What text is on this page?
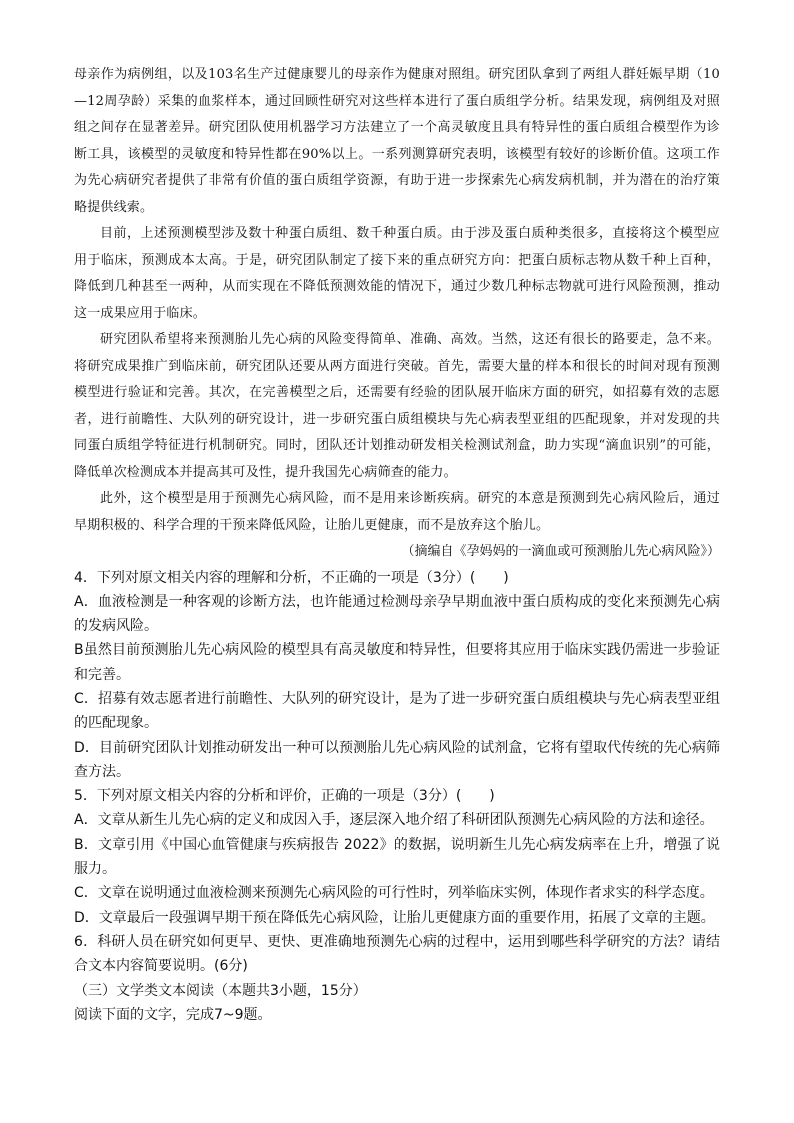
母亲作为病例组，以及103名生产过健康婴儿的母亲作为健康对照组。研究团队拿到了两组人群妊娠早期（10—12周孕龄）采集的血浆样本，通过回顾性研究对这些样本进行了蛋白质组学分析。结果发现，病例组及对照组之间存在显著差异。研究团队使用机器学习方法建立了一个高灵敏度且具有特异性的蛋白质组合模型作为诊断工具，该模型的灵敏度和特异性都在90%以上。一系列测算研究表明，该模型有较好的诊断价值。这项工作为先心病研究者提供了非常有价值的蛋白质组学资源，有助于进一步探索先心病发病机制，并为潜在的治疗策略提供线索。

目前，上述预测模型涉及数十种蛋白质组、数千种蛋白质。由于涉及蛋白质种类很多，直接将这个模型应用于临床，预测成本太高。于是，研究团队制定了接下来的重点研究方向：把蛋白质标志物从数千种上百种，降低到几种甚至一两种，从而实现在不降低预测效能的情况下，通过少数几种标志物就可进行风险预测，推动这一成果应用于临床。

研究团队希望将来预测胎儿先心病的风险变得简单、准确、高效。当然，这还有很长的路要走，急不来。将研究成果推广到临床前，研究团队还要从两方面进行突破。首先，需要大量的样本和很长的时间对现有预测模型进行验证和完善。其次，在完善模型之后，还需要有经验的团队展开临床方面的研究，如招募有效的志愿者，进行前瞻性、大队列的研究设计，进一步研究蛋白质组模块与先心病表型亚组的匹配现象，并对发现的共同蛋白质组学特征进行机制研究。同时，团队还计划推动研发相关检测试剂盒，助力实现“滴血识别”的可能，降低单次检测成本并提高其可及性，提升我国先心病筛查的能力。

此外，这个模型是用于预测先心病风险，而不是用来诊断疾病。研究的本意是预测到先心病风险后，通过早期积极的、科学合理的干预来降低风险，让胎儿更健康，而不是放弃这个胎儿。

（摘编自《孕妈妈的一滴血或可预测胎儿先心病风险》）

4．下列对原文相关内容的理解和分析，不正确的一项是（3分）(　　)

A．血液检测是一种客观的诊断方法，也许能通过检测母亲孕早期血液中蛋白质构成的变化来预测先心病的发病风险。

B虽然目前预测胎儿先心病风险的模型具有高灵敏度和特异性，但要将其应用于临床实践仍需进一步验证和完善。

C．招募有效志愿者进行前瞻性、大队列的研究设计，是为了进一步研究蛋白质组模块与先心病表型亚组的匹配现象。

D．目前研究团队计划推动研发出一种可以预测胎儿先心病风险的试剂盒，它将有望取代传统的先心病筛查方法。

5．下列对原文相关内容的分析和评价，正确的一项是（3分）(　　)

A．文章从新生儿先心病的定义和成因入手，逐层深入地介绍了科研团队预测先心病风险的方法和途径。

B．文章引用《中国心血管健康与疾病报告 2022》的数据，说明新生儿先心病发病率在上升，增强了说服力。

C．文章在说明通过血液检测来预测先心病风险的可行性时，列举临床实例，体现作者求实的科学态度。

D．文章最后一段强调早期干预在降低先心病风险，让胎儿更健康方面的重要作用，拓展了文章的主题。

6．科研人员在研究如何更早、更快、更准确地预测先心病的过程中，运用到哪些科学研究的方法？请结合文本内容简要说明。(6分)

（三）文学类文本阅读（本题共3小题，15分）

阅读下面的文字，完成7~9题。
